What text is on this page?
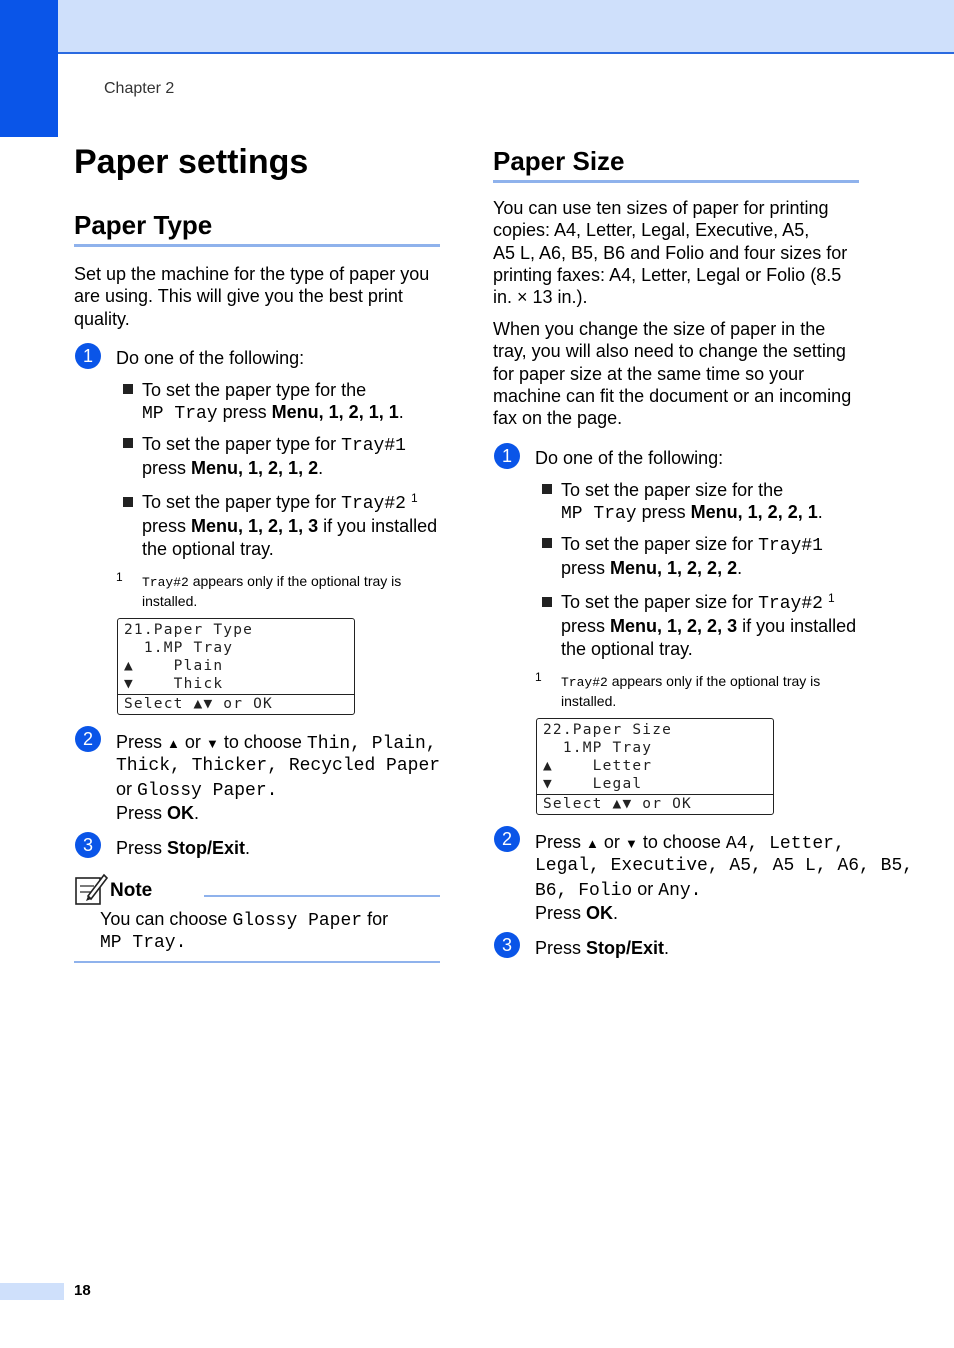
Chapter 2
Paper settings
Paper Type
Set up the machine for the type of paper you
are using. This will give you the best print
quality.
1	Do one of the following:
To set the paper type for the
MP Tray press Menu, 1, 2, 1, 1.
To set the paper type for Tray#1
press Menu, 1, 2, 1, 2.
To set the paper type for Tray#2 $^1$
press Menu, 1, 2, 1, 3 if you installed
the optional tray.
1 Tray#2 appears only if the optional tray is
installed.
21.Paper Type
1.MP Tray
▲    Plain
▼    Thick
Select ▲▼ or OK
2	Press ▲ or ▼ to choose Thin, Plain,
Thick, Thicker, Recycled Paper
or Glossy Paper.
Press OK.
3	Press Stop/Exit.
Note
You can choose Glossy Paper for
MP Tray.
Paper Size
You can use ten sizes of paper for printing
copies: A4, Letter, Legal, Executive, A5,
A5 L, A6, B5, B6 and Folio and four sizes for
printing faxes: A4, Letter, Legal or Folio (8.5
in. × 13 in.).
When you change the size of paper in the
tray, you will also need to change the setting
for paper size at the same time so your
machine can fit the document or an incoming
fax on the page.
1	Do one of the following:
To set the paper size for the
MP Tray press Menu, 1, 2, 2, 1.
To set the paper size for Tray#1
press Menu, 1, 2, 2, 2.
To set the paper size for Tray#2 $^1$
press Menu, 1, 2, 2, 3 if you installed
the optional tray.
1 Tray#2 appears only if the optional tray is
installed.
22.Paper Size
1.MP Tray
▲    Letter
▼    Legal
Select ▲▼ or OK
2	Press ▲ or ▼ to choose A4, Letter,
Legal, Executive, A5, A5 L, A6, B5,
B6, Folio or Any.
Press OK.
3	Press Stop/Exit.
18
